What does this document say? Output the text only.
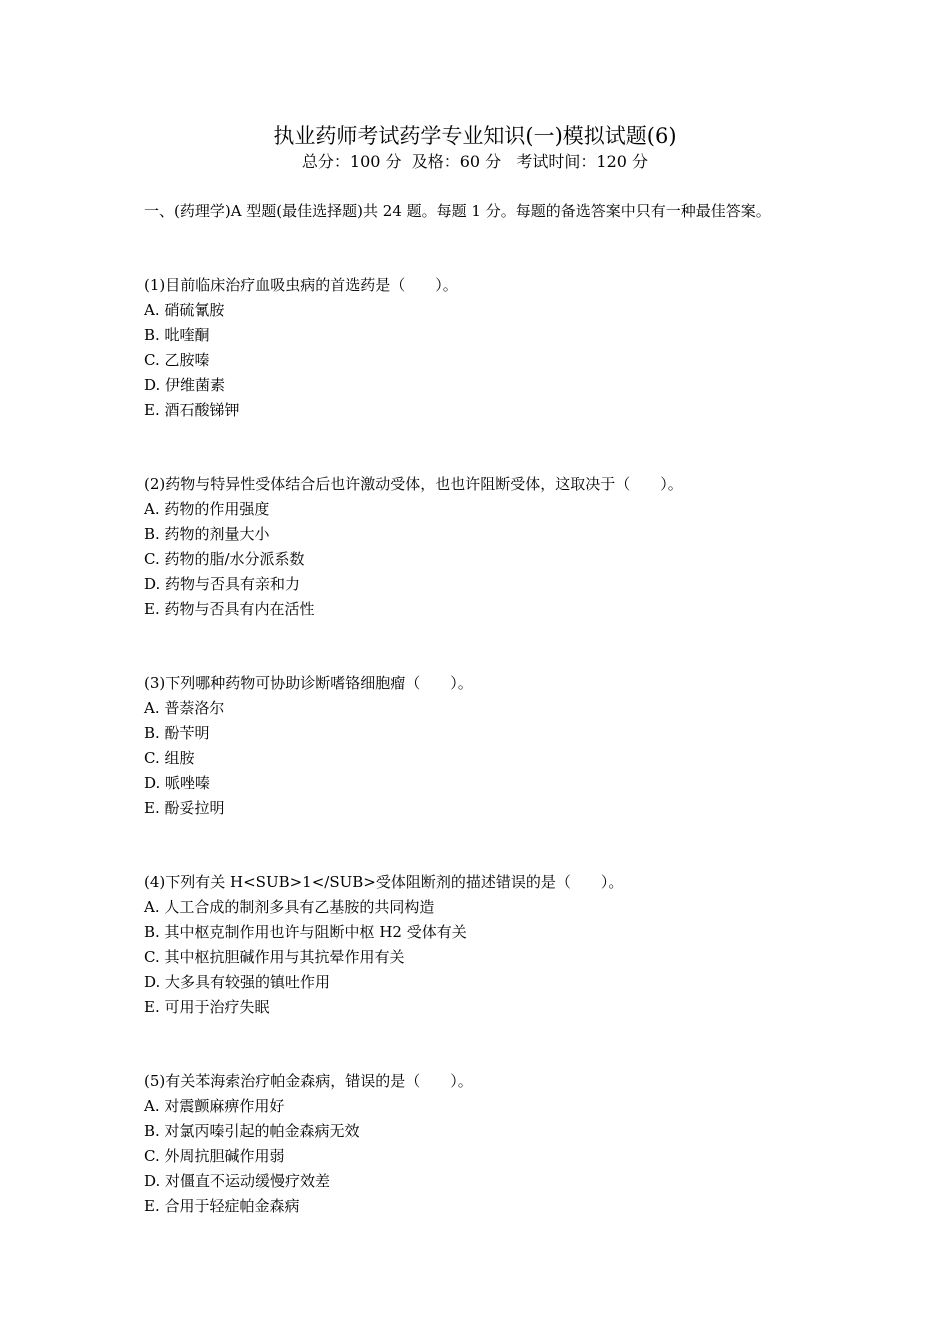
执业药师考试药学专业知识(一)模拟试题(6)
总分：100 分  及格：60 分   考试时间：120 分
一、(药理学)A 型题(最佳选择题)共 24 题。每题 1 分。每题的备选答案中只有一种最佳答案。

(1)目前临床治疗血吸虫病的首选药是（　　）。

A. 硝硫氰胺

B. 吡喹酮

C. 乙胺嗪

D. 伊维菌素

E. 酒石酸锑钾

(2)药物与特异性受体结合后也许激动受体，也也许阻断受体，这取决于（　　）。

A. 药物的作用强度

B. 药物的剂量大小

C. 药物的脂/水分派系数

D. 药物与否具有亲和力

E. 药物与否具有内在活性

(3)下列哪种药物可协助诊断嗜铬细胞瘤（　　）。

A. 普萘洛尔

B. 酚苄明

C. 组胺

D. 哌唑嗪

E. 酚妥拉明

(4)下列有关 H<SUB>1</SUB>受体阻断剂的描述错误的是（　　）。

A. 人工合成的制剂多具有乙基胺的共同构造

B. 其中枢克制作用也许与阻断中枢 H2 受体有关

C. 其中枢抗胆碱作用与其抗晕作用有关

D. 大多具有较强的镇吐作用

E. 可用于治疗失眠

(5)有关苯海索治疗帕金森病，错误的是（　　）。

A. 对震颤麻痹作用好

B. 对氯丙嗪引起的帕金森病无效

C. 外周抗胆碱作用弱

D. 对僵直不运动缓慢疗效差

E. 合用于轻症帕金森病
